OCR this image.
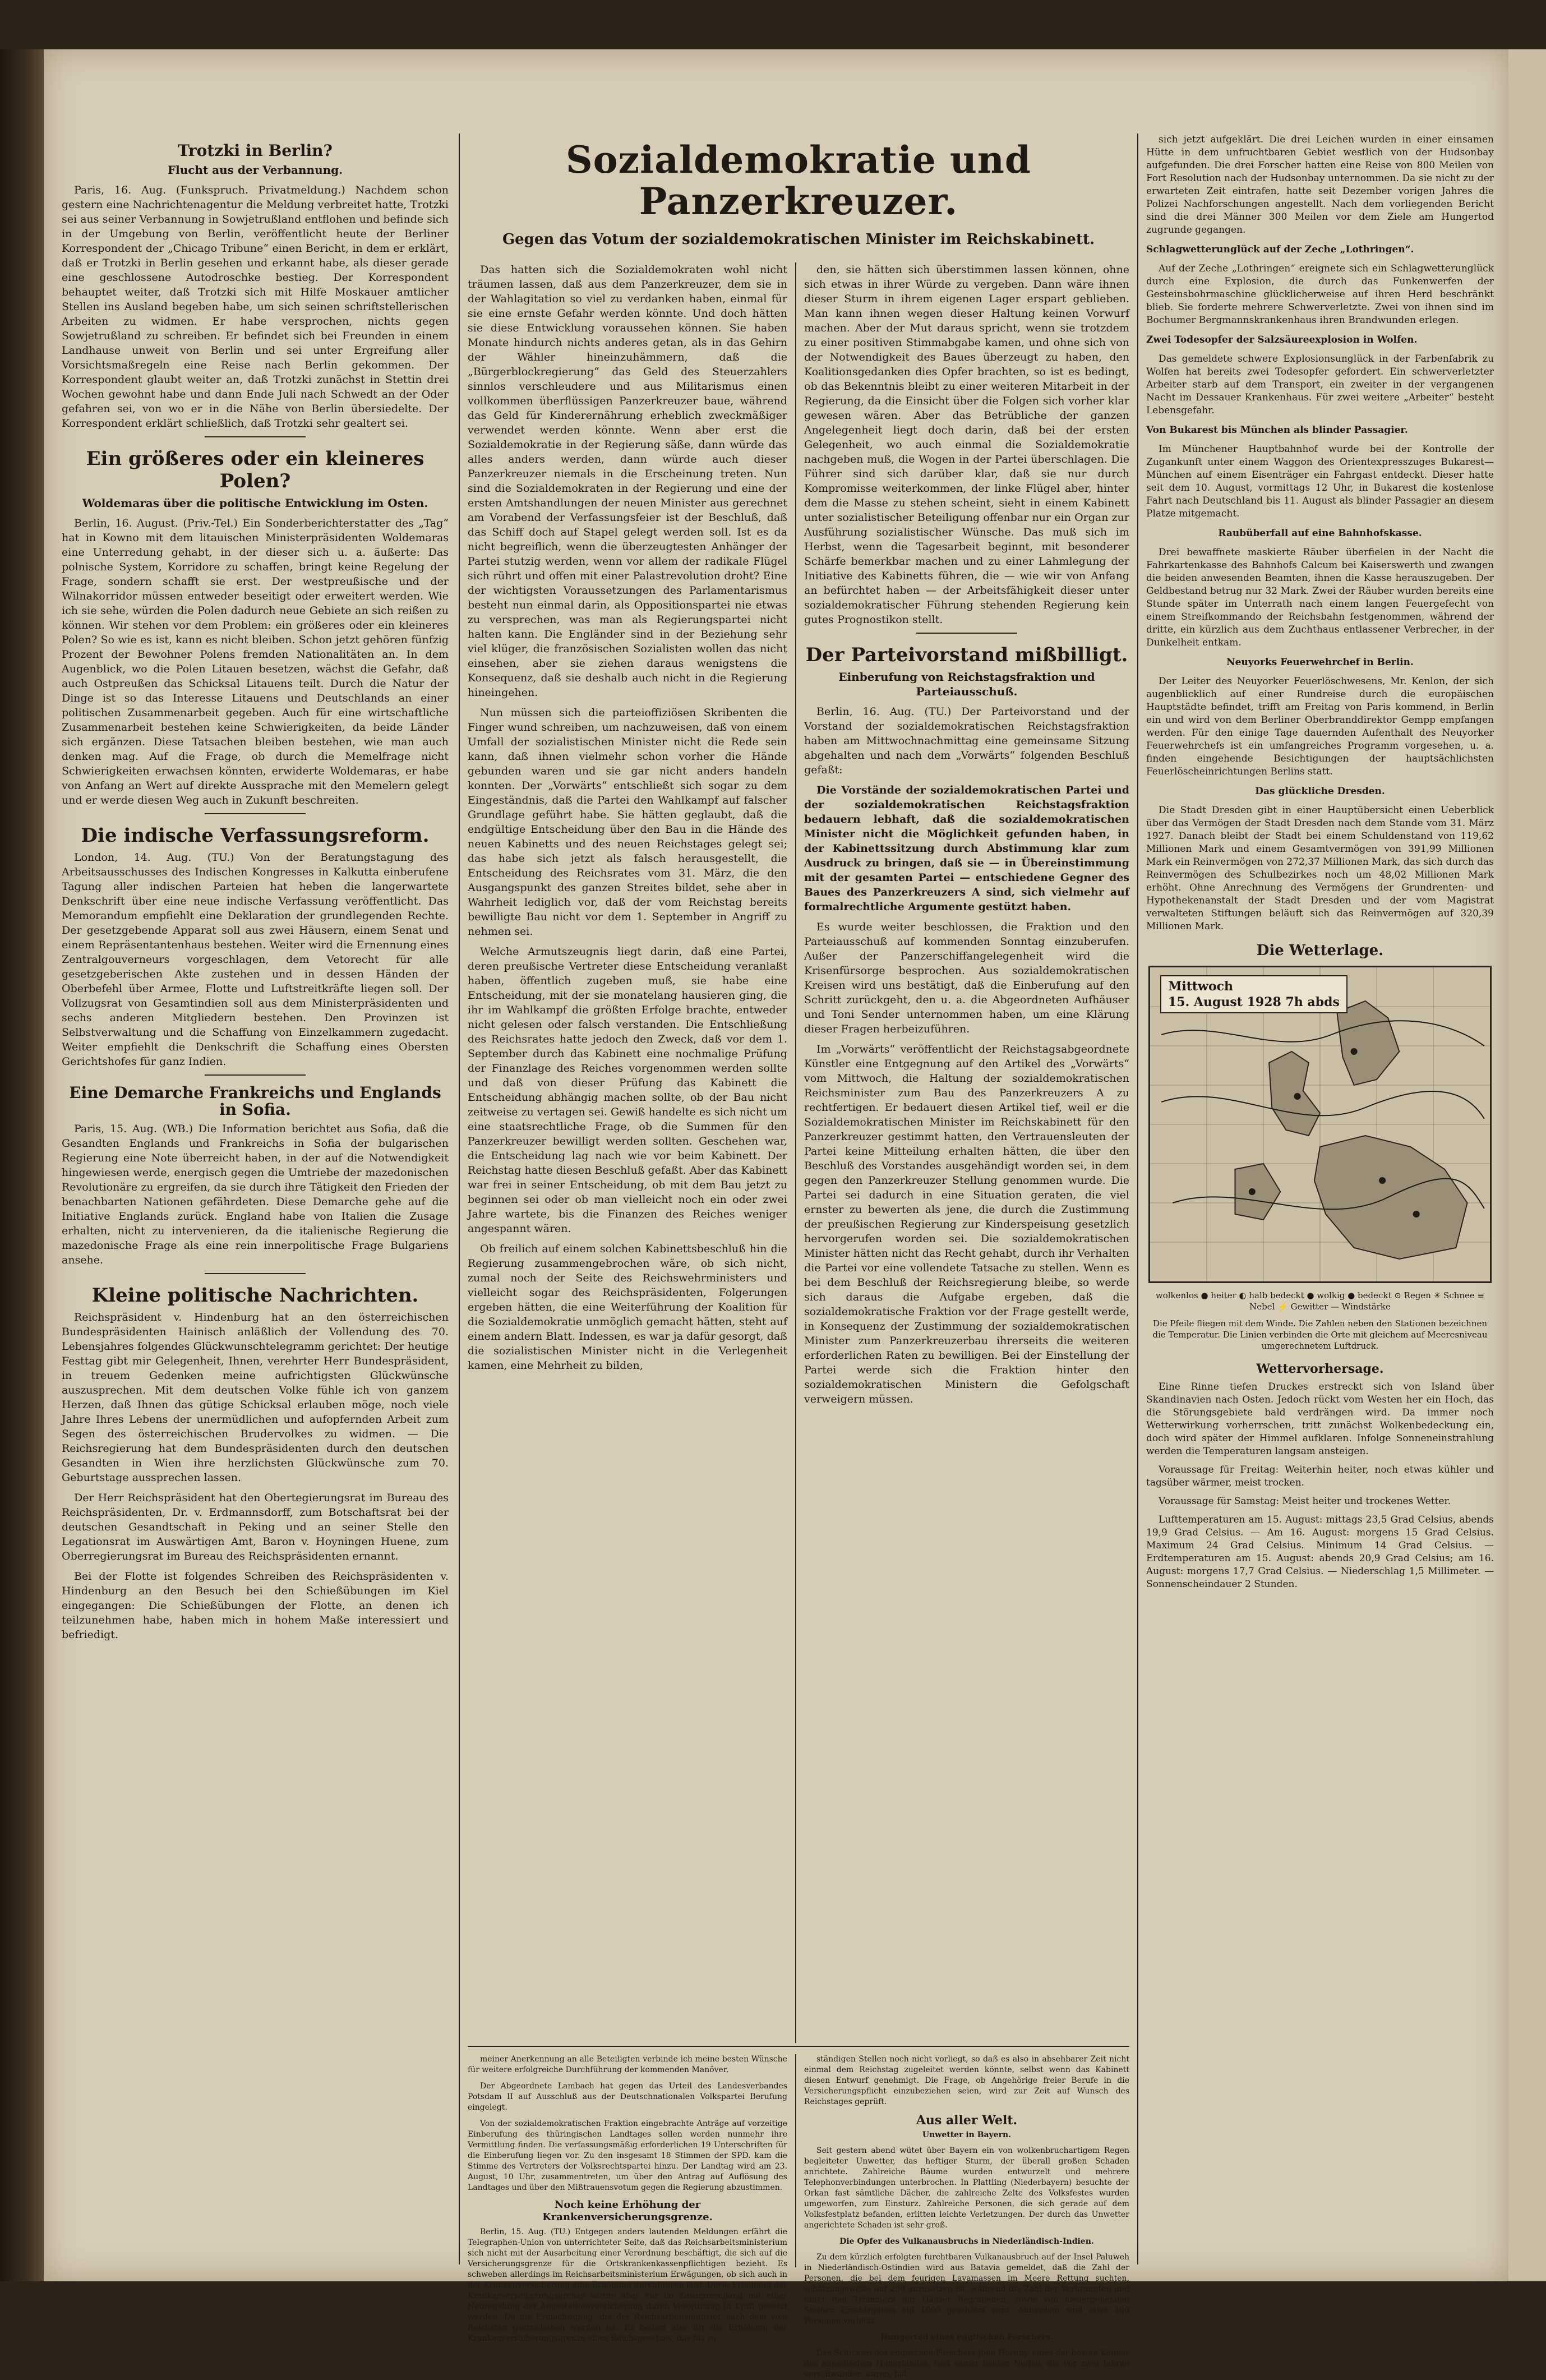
Trotzki in Berlin?
Flucht aus der Verbannung.

Paris, 16. Aug. (Funkspruch. Privatmeldung.) Nachdem schon gestern eine Nachrichtenagentur die Meldung verbreitet hatte, Trotzki sei aus seiner Verbannung in Sowjetrußland entflohen und befinde sich in der Umgebung von Berlin, veröffentlicht heute der Berliner Korrespondent der „Chicago Tribune“ einen Bericht, in dem er erklärt, daß er Trotzki in Berlin gesehen und erkannt habe, als dieser gerade eine geschlossene Autodroschke bestieg. Der Korrespondent behauptet weiter, daß Trotzki sich mit Hilfe Moskauer amtlicher Stellen ins Ausland begeben habe, um sich seinen schriftstellerischen Arbeiten zu widmen. Er habe versprochen, nichts gegen Sowjetrußland zu schreiben. Er befindet sich bei Freunden in einem Landhause unweit von Berlin und sei unter Ergreifung aller Vorsichtsmaßregeln eine Reise nach Berlin gekommen. Der Korrespondent glaubt weiter an, daß Trotzki zunächst in Stettin drei Wochen gewohnt habe und dann Ende Juli nach Schwedt an der Oder gefahren sei, von wo er in die Nähe von Berlin übersiedelte. Der Korrespondent erklärt schließlich, daß Trotzki sehr gealtert sei.

Ein größeres oder ein kleineres Polen?
Woldemaras über die politische Entwicklung im Osten.

Berlin, 16. August. (Priv.-Tel.) Ein Sonderberichterstatter des „Tag“ hat in Kowno mit dem litauischen Ministerpräsidenten Woldemaras eine Unterredung gehabt, in der dieser sich u. a. äußerte: Das polnische System, Korridore zu schaffen, bringt keine Regelung der Frage, sondern schafft sie erst. Der westpreußische und der Wilnakorridor müssen entweder beseitigt oder erweitert werden. Wie ich sie sehe, würden die Polen dadurch neue Gebiete an sich reißen zu können. Wir stehen vor dem Problem: ein größeres oder ein kleineres Polen? So wie es ist, kann es nicht bleiben. Schon jetzt gehören fünfzig Prozent der Bewohner Polens fremden Nationalitäten an. In dem Augenblick, wo die Polen Litauen besetzen, wächst die Gefahr, daß auch Ostpreußen das Schicksal Litauens teilt. Durch die Natur der Dinge ist so das Interesse Litauens und Deutschlands an einer politischen Zusammenarbeit gegeben. Auch für eine wirtschaftliche Zusammenarbeit bestehen keine Schwierigkeiten, da beide Länder sich ergänzen. Diese Tatsachen bleiben bestehen, wie man auch denken mag. Auf die Frage, ob durch die Memelfrage nicht Schwierigkeiten erwachsen könnten, erwiderte Woldemaras, er habe von Anfang an Wert auf direkte Aussprache mit den Memelern gelegt und er werde diesen Weg auch in Zukunft beschreiten.

Die indische Verfassungsreform.

London, 14. Aug. (TU.) Von der Beratungstagung des Arbeitsausschusses des Indischen Kongresses in Kalkutta einberufene Tagung aller indischen Parteien hat heben die langerwartete Denkschrift über eine neue indische Verfassung veröffentlicht. Das Memorandum empfiehlt eine Deklaration der grundlegenden Rechte. Der gesetzgebende Apparat soll aus zwei Häusern, einem Senat und einem Repräsentantenhaus bestehen. Weiter wird die Ernennung eines Zentralgouverneurs vorgeschlagen, dem Vetorecht für alle gesetzgeberischen Akte zustehen und in dessen Händen der Oberbefehl über Armee, Flotte und Luftstreitkräfte liegen soll. Der Vollzugsrat von Gesamtindien soll aus dem Ministerpräsidenten und sechs anderen Mitgliedern bestehen. Den Provinzen ist Selbstverwaltung und die Schaffung von Einzelkammern zugedacht. Weiter empfiehlt die Denkschrift die Schaffung eines Obersten Gerichtshofes für ganz Indien.

Eine Demarche Frankreichs und Englands in Sofia.

Paris, 15. Aug. (WB.) Die Information berichtet aus Sofia, daß die Gesandten Englands und Frankreichs in Sofia der bulgarischen Regierung eine Note überreicht haben, in der auf die Notwendigkeit hingewiesen werde, energisch gegen die Umtriebe der mazedonischen Revolutionäre zu ergreifen, da sie durch ihre Tätigkeit den Frieden der benachbarten Nationen gefährdeten. Diese Demarche gehe auf die Initiative Englands zurück. England habe von Italien die Zusage erhalten, nicht zu intervenieren, da die italienische Regierung die mazedonische Frage als eine rein innerpolitische Frage Bulgariens ansehe.

Kleine politische Nachrichten.

Reichspräsident v. Hindenburg hat an den österreichischen Bundespräsidenten Hainisch anläßlich der Vollendung des 70. Lebensjahres folgendes Glückwunschtelegramm gerichtet: Der heutige Festtag gibt mir Gelegenheit, Ihnen, verehrter Herr Bundespräsident, in treuem Gedenken meine aufrichtigsten Glückwünsche auszusprechen. Mit dem deutschen Volke fühle ich von ganzem Herzen, daß Ihnen das gütige Schicksal erlauben möge, noch viele Jahre Ihres Lebens der unermüdlichen und aufopfernden Arbeit zum Segen des österreichischen Brudervolkes zu widmen. — Die Reichsregierung hat dem Bundespräsidenten durch den deutschen Gesandten in Wien ihre herzlichsten Glückwünsche zum 70. Geburtstage aussprechen lassen.

Der Herr Reichspräsident hat den Obertegierungsrat im Bureau des Reichspräsidenten, Dr. v. Erdmannsdorff, zum Botschaftsrat bei der deutschen Gesandtschaft in Peking und an seiner Stelle den Legationsrat im Auswärtigen Amt, Baron v. Hoyningen Huene, zum Oberregierungsrat im Bureau des Reichspräsidenten ernannt.

Bei der Flotte ist folgendes Schreiben des Reichspräsidenten v. Hindenburg an den Besuch bei den Schießübungen im Kiel eingegangen: Die Schießübungen der Flotte, an denen ich teilzunehmen habe, haben mich in hohem Maße interessiert und befriedigt.

Sozialdemokratie und Panzerkreuzer.
Gegen das Votum der sozialdemokratischen Minister im Reichskabinett.

Das hatten sich die Sozialdemokraten wohl nicht träumen lassen, daß aus dem Panzerkreuzer, dem sie in der Wahlagitation so viel zu verdanken haben, einmal für sie eine ernste Gefahr werden könnte. Und doch hätten sie diese Entwicklung voraussehen können. Sie haben Monate hindurch nichts anderes getan, als in das Gehirn der Wähler hineinzuhämmern, daß die „Bürgerblockregierung“ das Geld des Steuerzahlers sinnlos verschleudere und aus Militarismus einen vollkommen überflüssigen Panzerkreuzer baue, während das Geld für Kinderernährung erheblich zweckmäßiger verwendet werden könnte. Wenn aber erst die Sozialdemokratie in der Regierung säße, dann würde das alles anders werden, dann würde auch dieser Panzerkreuzer niemals in die Erscheinung treten. Nun sind die Sozialdemokraten in der Regierung und eine der ersten Amtshandlungen der neuen Minister aus gerechnet am Vorabend der Verfassungsfeier ist der Beschluß, daß das Schiff doch auf Stapel gelegt werden soll. Ist es da nicht begreiflich, wenn die überzeugtesten Anhänger der Partei stutzig werden, wenn vor allem der radikale Flügel sich rührt und offen mit einer Palastrevolution droht? Eine der wichtigsten Voraussetzungen des Parlamentarismus besteht nun einmal darin, als Oppositionspartei nie etwas zu versprechen, was man als Regierungspartei nicht halten kann. Die Engländer sind in der Beziehung sehr viel klüger, die französischen Sozialisten wollen das nicht einsehen, aber sie ziehen daraus wenigstens die Konsequenz, daß sie deshalb auch nicht in die Regierung hineingehen.

Nun müssen sich die parteioffiziösen Skribenten die Finger wund schreiben, um nachzuweisen, daß von einem Umfall der sozialistischen Minister nicht die Rede sein kann, daß ihnen vielmehr schon vorher die Hände gebunden waren und sie gar nicht anders handeln konnten. Der „Vorwärts“ entschließt sich sogar zu dem Eingeständnis, daß die Partei den Wahlkampf auf falscher Grundlage geführt habe. Sie hätten geglaubt, daß die endgültige Entscheidung über den Bau in die Hände des neuen Kabinetts und des neuen Reichstages gelegt sei; das habe sich jetzt als falsch herausgestellt, die Entscheidung des Reichsrates vom 31. März, die den Ausgangspunkt des ganzen Streites bildet, sehe aber in Wahrheit lediglich vor, daß der vom Reichstag bereits bewilligte Bau nicht vor dem 1. September in Angriff zu nehmen sei.

Welche Armutszeugnis liegt darin, daß eine Partei, deren preußische Vertreter diese Entscheidung veranlaßt haben, öffentlich zugeben muß, sie habe eine Entscheidung, mit der sie monatelang hausieren ging, die ihr im Wahlkampf die größten Erfolge brachte, entweder nicht gelesen oder falsch verstanden. Die Entschließung des Reichsrates hatte jedoch den Zweck, daß vor dem 1. September durch das Kabinett eine nochmalige Prüfung der Finanzlage des Reiches vorgenommen werden sollte und daß von dieser Prüfung das Kabinett die Entscheidung abhängig machen sollte, ob der Bau nicht zeitweise zu vertagen sei. Gewiß handelte es sich nicht um eine staatsrechtliche Frage, ob die Summen für den Panzerkreuzer bewilligt werden sollten. Geschehen war, die Entscheidung lag nach wie vor beim Kabinett. Der Reichstag hatte diesen Beschluß gefaßt. Aber das Kabinett war frei in seiner Entscheidung, ob mit dem Bau jetzt zu beginnen sei oder ob man vielleicht noch ein oder zwei Jahre wartete, bis die Finanzen des Reiches weniger angespannt wären.

Ob freilich auf einem solchen Kabinettsbeschluß hin die Regierung zusammengebrochen wäre, ob sich nicht, zumal noch der Seite des Reichswehrministers und vielleicht sogar des Reichspräsidenten, Folgerungen ergeben hätten, die eine Weiterführung der Koalition für die Sozialdemokratie unmöglich gemacht hätten, steht auf einem andern Blatt. Indessen, es war ja dafür gesorgt, daß die sozialistischen Minister nicht in die Verlegenheit kamen, eine Mehrheit zu bilden,

den, sie hätten sich überstimmen lassen können, ohne sich etwas in ihrer Würde zu vergeben. Dann wäre ihnen dieser Sturm in ihrem eigenen Lager erspart geblieben. Man kann ihnen wegen dieser Haltung keinen Vorwurf machen. Aber der Mut daraus spricht, wenn sie trotzdem zu einer positiven Stimmabgabe kamen, und ohne sich von der Notwendigkeit des Baues überzeugt zu haben, den Koalitionsgedanken dies Opfer brachten, so ist es bedingt, ob das Bekenntnis bleibt zu einer weiteren Mitarbeit in der Regierung, da die Einsicht über die Folgen sich vorher klar gewesen wären. Aber das Betrübliche der ganzen Angelegenheit liegt doch darin, daß bei der ersten Gelegenheit, wo auch einmal die Sozialdemokratie nachgeben muß, die Wogen in der Partei überschlagen. Die Führer sind sich darüber klar, daß sie nur durch Kompromisse weiterkommen, der linke Flügel aber, hinter dem die Masse zu stehen scheint, sieht in einem Kabinett unter sozialistischer Beteiligung offenbar nur ein Organ zur Ausführung sozialistischer Wünsche. Das muß sich im Herbst, wenn die Tagesarbeit beginnt, mit besonderer Schärfe bemerkbar machen und zu einer Lahmlegung der Initiative des Kabinetts führen, die — wie wir von Anfang an befürchtet haben — der Arbeitsfähigkeit dieser unter sozialdemokratischer Führung stehenden Regierung kein gutes Prognostikon stellt.

Der Parteivorstand mißbilligt.
Einberufung von Reichstagsfraktion und Parteiausschuß.

Berlin, 16. Aug. (TU.) Der Parteivorstand und der Vorstand der sozialdemokratischen Reichstagsfraktion haben am Mittwochnachmittag eine gemeinsame Sitzung abgehalten und nach dem „Vorwärts“ folgenden Beschluß gefaßt:

Die Vorstände der sozialdemokratischen Partei und der sozialdemokratischen Reichstagsfraktion bedauern lebhaft, daß die sozialdemokratischen Minister nicht die Möglichkeit gefunden haben, in der Kabinettssitzung durch Abstimmung klar zum Ausdruck zu bringen, daß sie — in Übereinstimmung mit der gesamten Partei — entschiedene Gegner des Baues des Panzerkreuzers A sind, sich vielmehr auf formalrechtliche Argumente gestützt haben.

Es wurde weiter beschlossen, die Fraktion und den Parteiausschuß auf kommenden Sonntag einzuberufen. Außer der Panzerschiffangelegenheit wird die Krisenfürsorge besprochen. Aus sozialdemokratischen Kreisen wird uns bestätigt, daß die Einberufung auf den Schritt zurückgeht, den u. a. die Abgeordneten Aufhäuser und Toni Sender unternommen haben, um eine Klärung dieser Fragen herbeizuführen.

Im „Vorwärts“ veröffentlicht der Reichstagsabgeordnete Künstler eine Entgegnung auf den Artikel des „Vorwärts“ vom Mittwoch, die Haltung der sozialdemokratischen Reichsminister zum Bau des Panzerkreuzers A zu rechtfertigen. Er bedauert diesen Artikel tief, weil er die Sozialdemokratischen Minister im Reichskabinett für den Panzerkreuzer gestimmt hatten, den Vertrauensleuten der Partei keine Mitteilung erhalten hätten, die über den Beschluß des Vorstandes ausgehändigt worden sei, in dem gegen den Panzerkreuzer Stellung genommen wurde. Die Partei sei dadurch in eine Situation geraten, die viel ernster zu bewerten als jene, die durch die Zustimmung der preußischen Regierung zur Kinderspeisung gesetzlich hervorgerufen worden sei. Die sozialdemokratischen Minister hätten nicht das Recht gehabt, durch ihr Verhalten die Partei vor eine vollendete Tatsache zu stellen. Wenn es bei dem Beschluß der Reichsregierung bleibe, so werde sich daraus die Aufgabe ergeben, daß die sozialdemokratische Fraktion vor der Frage gestellt werde, in Konsequenz der Zustimmung der sozialdemokratischen Minister zum Panzerkreuzerbau ihrerseits die weiteren erforderlichen Raten zu bewilligen. Bei der Einstellung der Partei werde sich die Fraktion hinter den sozialdemokratischen Ministern die Gefolgschaft verweigern müssen.

meiner Anerkennung an alle Beteiligten verbinde ich meine besten Wünsche für weitere erfolgreiche Durchführung der kommenden Manöver.

Der Abgeordnete Lambach hat gegen das Urteil des Landesverbandes Potsdam II auf Ausschluß aus der Deutschnationalen Volkspartei Berufung eingelegt.

Von der sozialdemokratischen Fraktion eingebrachte Anträge auf vorzeitige Einberufung des thüringischen Landtages sollen werden nunmehr ihre Vermittlung finden. Die verfassungsmäßig erforderlichen 19 Unterschriften für die Einberufung liegen vor. Zu den insgesamt 18 Stimmen der SPD. kam die Stimme des Vertreters der Volksrechtspartei hinzu. Der Landtag wird am 23. August, 10 Uhr, zusammentreten, um über den Antrag auf Auflösung des Landtages und über den Mißtrauensvotum gegen die Regierung abzustimmen.

Noch keine Erhöhung der Krankenversicherungsgrenze.

Berlin, 15. Aug. (TU.) Entgegen anders lautenden Meldungen erfährt die Telegraphen-Union von unterrichteter Seite, daß das Reichsarbeitsministerium sich nicht mit der Ausarbeitung einer Verordnung beschäftigt, die sich auf die Versicherungsgrenze für die Ortskrankenkassenpflichtigen bezieht. Es schweben allerdings im Reichsarbeitsministerium Erwägungen, ob sich auch in der Krankenversicherung eine Erhöhung durchführen läßt. Diese Erhöhung der Krankenversicherungsgrenze würde aber nur im Zusammenhang mit einer Neuregelung der Angestelltenversicherung durch Verordnung in Kraft gesetzt werden. Da die Ermächtigung, die der Reichsarbeitsminister nach dem vom Reichstag gestrichenen worden ist. Es bedarf also für die Erhöhung der Krankenversicherungsgrenze eines Reichsgesetzes, das bis zu

ständigen Stellen noch nicht vorliegt, so daß es also in absehbarer Zeit nicht einmal dem Reichstag zugeleitet werden könnte, selbst wenn das Kabinett diesen Entwurf genehmigt. Die Frage, ob Angehörige freier Berufe in die Versicherungspflicht einzubeziehen seien, wird zur Zeit auf Wunsch des Reichstages geprüft.

Aus aller Welt.
Unwetter in Bayern.

Seit gestern abend wütet über Bayern ein von wolkenbruchartigem Regen begleiteter Unwetter, das heftiger Sturm, der überall großen Schaden anrichtete. Zahlreiche Bäume wurden entwurzelt und mehrere Telephonverbindungen unterbrochen. In Plattling (Niederbayern) besuchte der Orkan fast sämtliche Dächer, die zahlreiche Zelte des Volksfestes wurden umgeworfen, zum Einsturz. Zahlreiche Personen, die sich gerade auf dem Volksfestplatz befanden, erlitten leichte Verletzungen. Der durch das Unwetter angerichtete Schaden ist sehr groß.

Die Opfer des Vulkanausbruchs in Niederländisch-Indien.

Zu dem kürzlich erfolgten furchtbaren Vulkanausbruch auf der Insel Paluweh in Niederländisch-Ostindien wird aus Batavia gemeldet, daß die Zahl der Personen, die bei dem feurigen Lavamassen im Meere Rettung suchten, schätzungsweise auf 200 anzusetzen ist, während die Zahl der Verbrannten und unter den Trümmern der Häuser Begrabenen, sowie von niedergehenden Steinen Erschlagenen auf 1000 geschätzt wird. Außerdem sind etwa 400 Personen verletzt.

Hungertod eines englischen Forschers.

Das Schicksal des englischen Forschers John Hornby, eines der besten Kenner des kanadischen Hinterlandes, und seiner beiden Neffen, die vor zwei Jahren verschwunden waren, hat

sich jetzt aufgeklärt. Die drei Leichen wurden in einer einsamen Hütte in dem unfruchtbaren Gebiet westlich von der Hudsonbay aufgefunden. Die drei Forscher hatten eine Reise von 800 Meilen von Fort Resolution nach der Hudsonbay unternommen. Da sie nicht zu der erwarteten Zeit eintrafen, hatte seit Dezember vorigen Jahres die Polizei Nachforschungen angestellt. Nach dem vorliegenden Bericht sind die drei Männer 300 Meilen vor dem Ziele am Hungertod zugrunde gegangen.

Schlagwetterunglück auf der Zeche „Lothringen“.

Auf der Zeche „Lothringen“ ereignete sich ein Schlagwetterunglück durch eine Explosion, die durch das Funkenwerfen der Gesteinsbohrmaschine glücklicherweise auf ihren Herd beschränkt blieb. Sie forderte mehrere Schwerverletzte. Zwei von ihnen sind im Bochumer Bergmannskrankenhaus ihren Brandwunden erlegen.

Zwei Todesopfer der Salzsäureexplosion in Wolfen.

Das gemeldete schwere Explosionsunglück in der Farbenfabrik zu Wolfen hat bereits zwei Todesopfer gefordert. Ein schwerverletzter Arbeiter starb auf dem Transport, ein zweiter in der vergangenen Nacht im Dessauer Krankenhaus. Für zwei weitere „Arbeiter“ besteht Lebensgefahr.

Von Bukarest bis München als blinder Passagier.

Im Münchener Hauptbahnhof wurde bei der Kontrolle der Zugankunft unter einem Waggon des Orientexpresszuges Bukarest—München auf einem Eisenträger ein Fahrgast entdeckt. Dieser hatte seit dem 10. August, vormittags 12 Uhr, in Bukarest die kostenlose Fahrt nach Deutschland bis 11. August als blinder Passagier an diesem Platze mitgemacht.

Raubüberfall auf eine Bahnhofskasse.

Drei bewaffnete maskierte Räuber überfielen in der Nacht die Fahrkartenkasse des Bahnhofs Calcum bei Kaiserswerth und zwangen die beiden anwesenden Beamten, ihnen die Kasse herauszugeben. Der Geldbestand betrug nur 32 Mark. Zwei der Räuber wurden bereits eine Stunde später im Unterrath nach einem langen Feuergefecht von einem Streifkommando der Reichsbahn festgenommen, während der dritte, ein kürzlich aus dem Zuchthaus entlassener Verbrecher, in der Dunkelheit entkam.

Neuyorks Feuerwehrchef in Berlin.

Der Leiter des Neuyorker Feuerlöschwesens, Mr. Kenlon, der sich augenblicklich auf einer Rundreise durch die europäischen Hauptstädte befindet, trifft am Freitag von Paris kommend, in Berlin ein und wird von dem Berliner Oberbranddirektor Gempp empfangen werden. Für den einige Tage dauernden Aufenthalt des Neuyorker Feuerwehrchefs ist ein umfangreiches Programm vorgesehen, u. a. finden eingehende Besichtigungen der hauptsächlichsten Feuerlöscheinrichtungen Berlins statt.

Das glückliche Dresden.

Die Stadt Dresden gibt in einer Hauptübersicht einen Ueberblick über das Vermögen der Stadt Dresden nach dem Stande vom 31. März 1927. Danach bleibt der Stadt bei einem Schuldenstand von 119,62 Millionen Mark und einem Gesamtvermögen von 391,99 Millionen Mark ein Reinvermögen von 272,37 Millionen Mark, das sich durch das Reinvermögen des Schulbezirkes noch um 48,02 Millionen Mark erhöht. Ohne Anrechnung des Vermögens der Grundrenten- und Hypothekenanstalt der Stadt Dresden und der vom Magistrat verwalteten Stiftungen beläuft sich das Reinvermögen auf 320,39 Millionen Mark.

Die Wetterlage.
Mittwoch
15. August 1928 7h abds
wolkenlos ● heiter ◐ halb bedeckt ● wolkig ● bedeckt ⊙ Regen ✳ Schnee ≡ Nebel ⚡ Gewitter — Windstärke
Die Pfeile fliegen mit dem Winde. Die Zahlen neben den Stationen bezeichnen die Temperatur. Die Linien verbinden die Orte mit gleichem auf Meeresniveau umgerechnetem Luftdruck.
Wettervorhersage.

Eine Rinne tiefen Druckes erstreckt sich von Island über Skandinavien nach Osten. Jedoch rückt vom Westen her ein Hoch, das die Störungsgebiete bald verdrängen wird. Da immer noch Wetterwirkung vorherrschen, tritt zunächst Wolkenbedeckung ein, doch wird später der Himmel aufklaren. Infolge Sonneneinstrahlung werden die Temperaturen langsam ansteigen.

Voraussage für Freitag: Weiterhin heiter, noch etwas kühler und tagsüber wärmer, meist trocken.

Voraussage für Samstag: Meist heiter und trockenes Wetter.

Lufttemperaturen am 15. August: mittags 23,5 Grad Celsius, abends 19,9 Grad Celsius. — Am 16. August: morgens 15 Grad Celsius. Maximum 24 Grad Celsius. Minimum 14 Grad Celsius. — Erdtemperaturen am 15. August: abends 20,9 Grad Celsius; am 16. August: morgens 17,7 Grad Celsius. — Niederschlag 1,5 Millimeter. — Sonnenscheindauer 2 Stunden.
